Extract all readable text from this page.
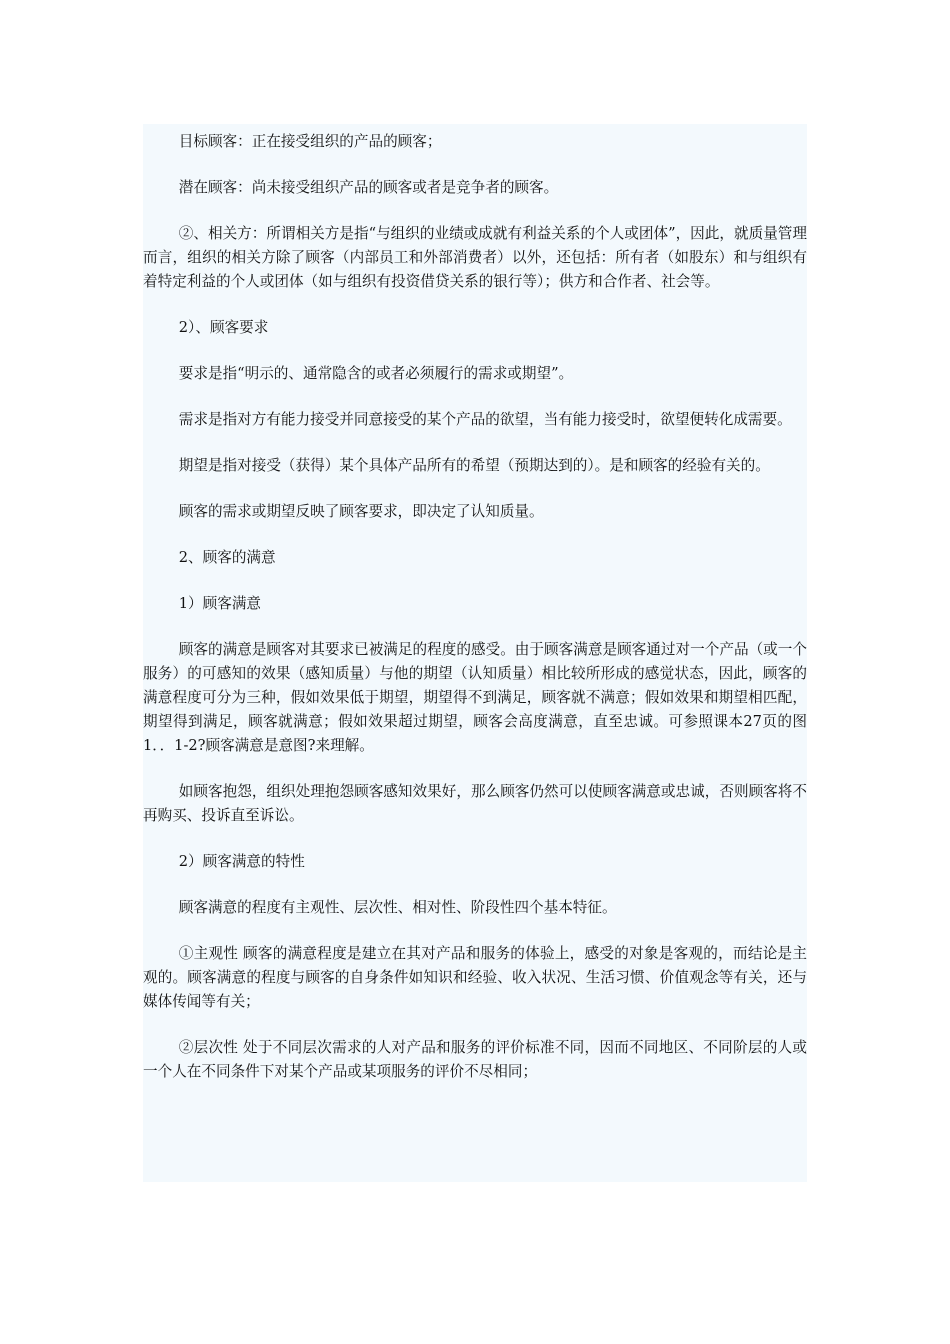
目标顾客：正在接受组织的产品的顾客；

潜在顾客：尚未接受组织产品的顾客或者是竞争者的顾客。

②、相关方：所谓相关方是指“与组织的业绩或成就有利益关系的个人或团体”，因此，就质量管理而言，组织的相关方除了顾客（内部员工和外部消费者）以外，还包括：所有者（如股东）和与组织有着特定利益的个人或团体（如与组织有投资借贷关系的银行等）；供方和合作者、社会等。

2）、顾客要求

要求是指“明示的、通常隐含的或者必须履行的需求或期望”。

需求是指对方有能力接受并同意接受的某个产品的欲望，当有能力接受时，欲望便转化成需要。

期望是指对接受（获得）某个具体产品所有的希望（预期达到的）。是和顾客的经验有关的。

顾客的需求或期望反映了顾客要求，即决定了认知质量。

2、顾客的满意

1）顾客满意

顾客的满意是顾客对其要求已被满足的程度的感受。由于顾客满意是顾客通过对一个产品（或一个服务）的可感知的效果（感知质量）与他的期望（认知质量）相比较所形成的感觉状态，因此，顾客的满意程度可分为三种，假如效果低于期望，期望得不到满足，顾客就不满意；假如效果和期望相匹配，期望得到满足，顾客就满意；假如效果超过期望，顾客会高度满意，直至忠诚。可参照课本27页的图1．．1-2?顾客满意是意图?来理解。

如顾客抱怨，组织处理抱怨顾客感知效果好，那么顾客仍然可以使顾客满意或忠诚，否则顾客将不再购买、投诉直至诉讼。

2）顾客满意的特性

顾客满意的程度有主观性、层次性、相对性、阶段性四个基本特征。

①主观性 顾客的满意程度是建立在其对产品和服务的体验上，感受的对象是客观的，而结论是主观的。顾客满意的程度与顾客的自身条件如知识和经验、收入状况、生活习惯、价值观念等有关，还与媒体传闻等有关；

②层次性 处于不同层次需求的人对产品和服务的评价标准不同，因而不同地区、不同阶层的人或一个人在不同条件下对某个产品或某项服务的评价不尽相同；
